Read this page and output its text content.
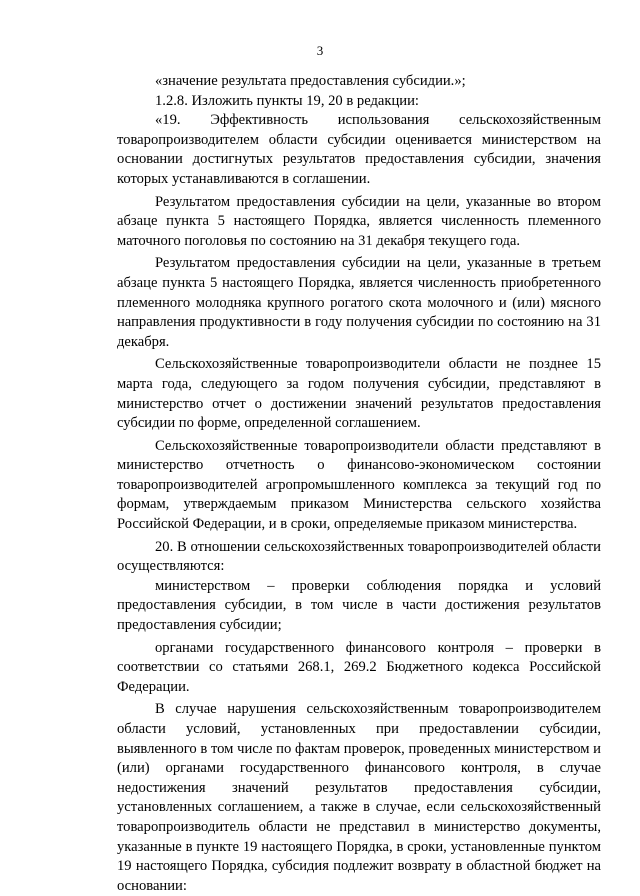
3

«значение результата предоставления субсидии.»;

1.2.8. Изложить пункты 19, 20 в редакции:

«19. Эффективность использования сельскохозяйственным товаропроизводителем области субсидии оценивается министерством на основании достигнутых результатов предоставления субсидии, значения которых устанавливаются в соглашении.

Результатом предоставления субсидии на цели, указанные во втором абзаце пункта 5 настоящего Порядка, является численность племенного маточного поголовья по состоянию на 31 декабря текущего года.

Результатом предоставления субсидии на цели, указанные в третьем абзаце пункта 5 настоящего Порядка, является численность приобретенного племенного молодняка крупного рогатого скота молочного и (или) мясного направления продуктивности в году получения субсидии по состоянию на 31 декабря.

Сельскохозяйственные товаропроизводители области не позднее 15 марта года, следующего за годом получения субсидии, представляют в министерство отчет о достижении значений результатов предоставления субсидии по форме, определенной соглашением.

Сельскохозяйственные товаропроизводители области представляют в министерство отчетность о финансово-экономическом состоянии товаропроизводителей агропромышленного комплекса за текущий год по формам, утверждаемым приказом Министерства сельского хозяйства Российской Федерации, и в сроки, определяемые приказом министерства.

20. В отношении сельскохозяйственных товаропроизводителей области осуществляются:

министерством – проверки соблюдения порядка и условий предоставления субсидии, в том числе в части достижения результатов предоставления субсидии;

органами государственного финансового контроля – проверки в соответствии со статьями 268.1, 269.2 Бюджетного кодекса Российской Федерации.

В случае нарушения сельскохозяйственным товаропроизводителем области условий, установленных при предоставлении субсидии, выявленного в том числе по фактам проверок, проведенных министерством и (или) органами государственного финансового контроля, в случае недостижения значений результатов предоставления субсидии, установленных соглашением, а также в случае, если сельскохозяйственный товаропроизводитель области не представил в министерство документы, указанные в пункте 19 настоящего Порядка, в сроки, установленные пунктом 19 настоящего Порядка, субсидия подлежит возврату в областной бюджет на основании:
